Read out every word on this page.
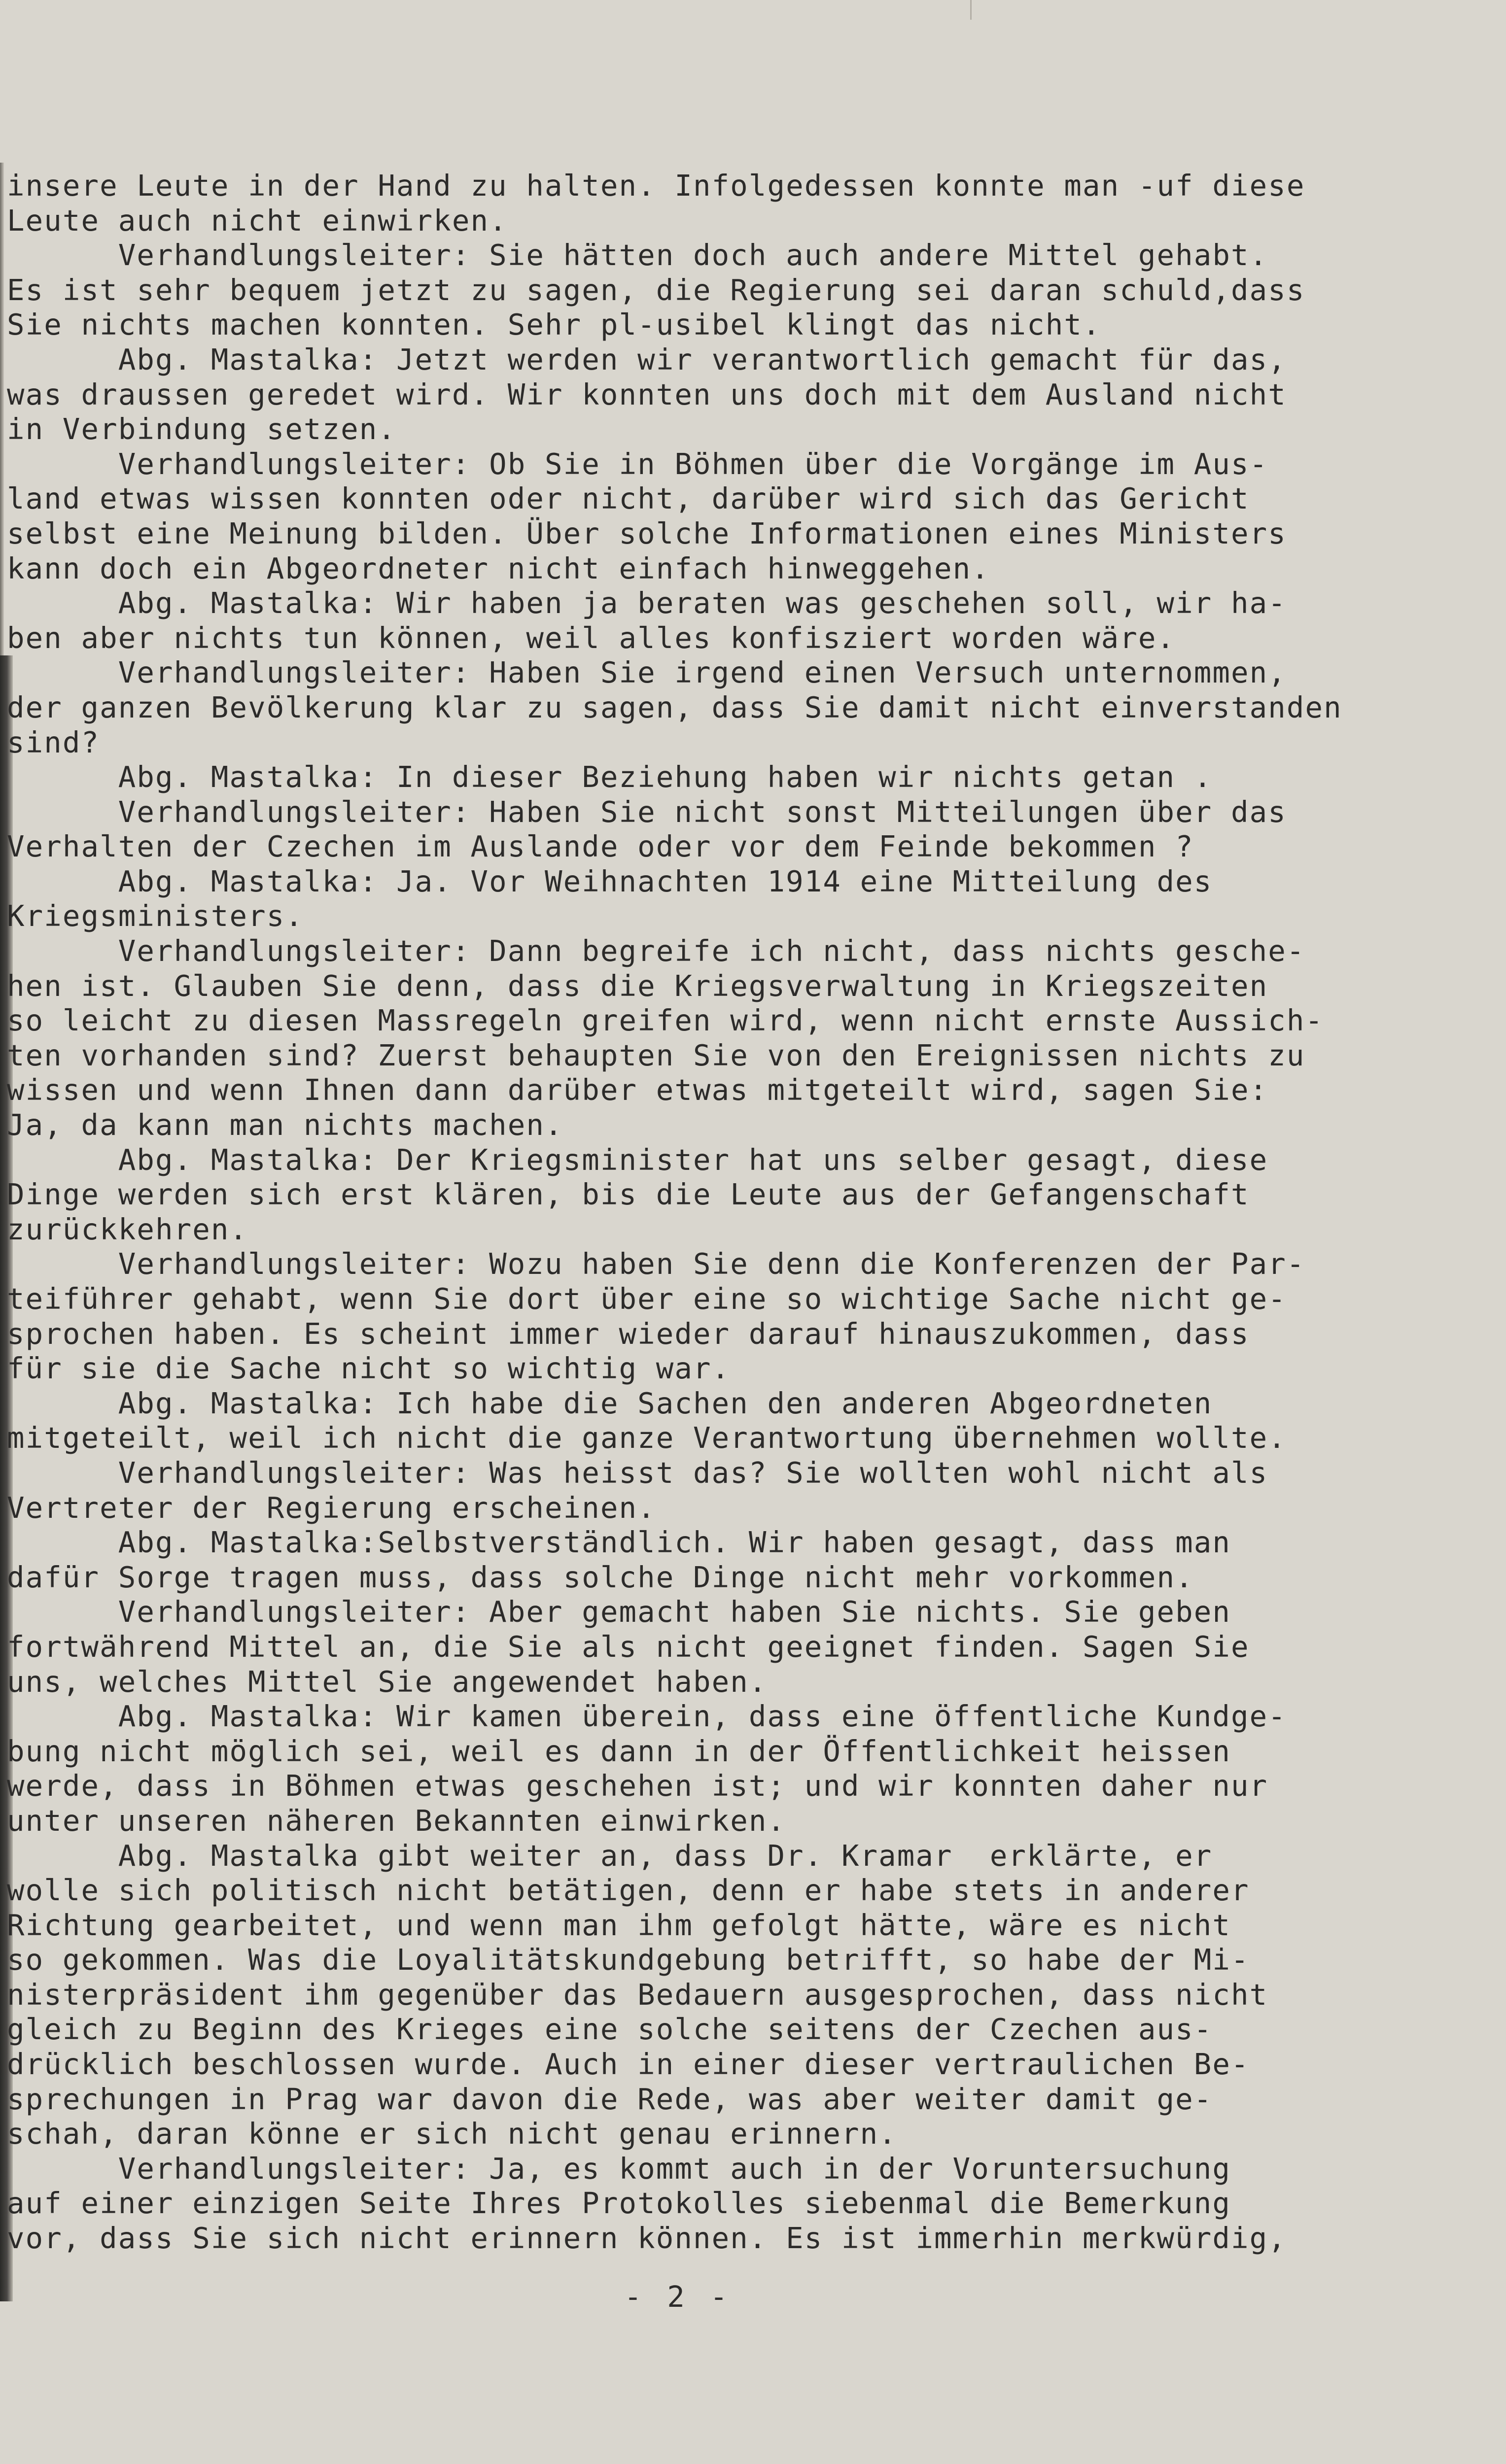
insere Leute in der Hand zu halten. Infolgedessen konnte man -uf diese
Leute auch nicht einwirken.
Verhandlungsleiter: Sie hätten doch auch andere Mittel gehabt.
Es ist sehr bequem jetzt zu sagen, die Regierung sei daran schuld,dass
Sie nichts machen konnten. Sehr pl-usibel klingt das nicht.
Abg. Mastalka: Jetzt werden wir verantwortlich gemacht für das,
was draussen geredet wird. Wir konnten uns doch mit dem Ausland nicht
in Verbindung setzen.
Verhandlungsleiter: Ob Sie in Böhmen über die Vorgänge im Aus-
land etwas wissen konnten oder nicht, darüber wird sich das Gericht
selbst eine Meinung bilden. Über solche Informationen eines Ministers
kann doch ein Abgeordneter nicht einfach hinweggehen.
Abg. Mastalka: Wir haben ja beraten was geschehen soll, wir ha-
ben aber nichts tun können, weil alles konfisziert worden wäre.
Verhandlungsleiter: Haben Sie irgend einen Versuch unternommen,
der ganzen Bevölkerung klar zu sagen, dass Sie damit nicht einverstanden
sind?
Abg. Mastalka: In dieser Beziehung haben wir nichts getan .
Verhandlungsleiter: Haben Sie nicht sonst Mitteilungen über das
Verhalten der Czechen im Auslande oder vor dem Feinde bekommen ?
Abg. Mastalka: Ja. Vor Weihnachten 1914 eine Mitteilung des
Kriegsministers.
Verhandlungsleiter: Dann begreife ich nicht, dass nichts gesche-
hen ist. Glauben Sie denn, dass die Kriegsverwaltung in Kriegszeiten
so leicht zu diesen Massregeln greifen wird, wenn nicht ernste Aussich-
ten vorhanden sind? Zuerst behaupten Sie von den Ereignissen nichts zu
wissen und wenn Ihnen dann darüber etwas mitgeteilt wird, sagen Sie:
Ja, da kann man nichts machen.
Abg. Mastalka: Der Kriegsminister hat uns selber gesagt, diese
Dinge werden sich erst klären, bis die Leute aus der Gefangenschaft
zurückkehren.
Verhandlungsleiter: Wozu haben Sie denn die Konferenzen der Par-
teiführer gehabt, wenn Sie dort über eine so wichtige Sache nicht ge-
sprochen haben. Es scheint immer wieder darauf hinauszukommen, dass
für sie die Sache nicht so wichtig war.
Abg. Mastalka: Ich habe die Sachen den anderen Abgeordneten
mitgeteilt, weil ich nicht die ganze Verantwortung übernehmen wollte.
Verhandlungsleiter: Was heisst das? Sie wollten wohl nicht als
Vertreter der Regierung erscheinen.
Abg. Mastalka:Selbstverständlich. Wir haben gesagt, dass man
dafür Sorge tragen muss, dass solche Dinge nicht mehr vorkommen.
Verhandlungsleiter: Aber gemacht haben Sie nichts. Sie geben
fortwährend Mittel an, die Sie als nicht geeignet finden. Sagen Sie
uns, welches Mittel Sie angewendet haben.
Abg. Mastalka: Wir kamen überein, dass eine öffentliche Kundge-
bung nicht möglich sei, weil es dann in der Öffentlichkeit heissen
werde, dass in Böhmen etwas geschehen ist; und wir konnten daher nur
unter unseren näheren Bekannten einwirken.
Abg. Mastalka gibt weiter an, dass Dr. Kramar  erklärte, er
wolle sich politisch nicht betätigen, denn er habe stets in anderer
Richtung gearbeitet, und wenn man ihm gefolgt hätte, wäre es nicht
so gekommen. Was die Loyalitätskundgebung betrifft, so habe der Mi-
nisterpräsident ihm gegenüber das Bedauern ausgesprochen, dass nicht
gleich zu Beginn des Krieges eine solche seitens der Czechen aus-
drücklich beschlossen wurde. Auch in einer dieser vertraulichen Be-
sprechungen in Prag war davon die Rede, was aber weiter damit ge-
schah, daran könne er sich nicht genau erinnern.
Verhandlungsleiter: Ja, es kommt auch in der Voruntersuchung
auf einer einzigen Seite Ihres Protokolles siebenmal die Bemerkung
vor, dass Sie sich nicht erinnern können. Es ist immerhin merkwürdig,
- 2 -
